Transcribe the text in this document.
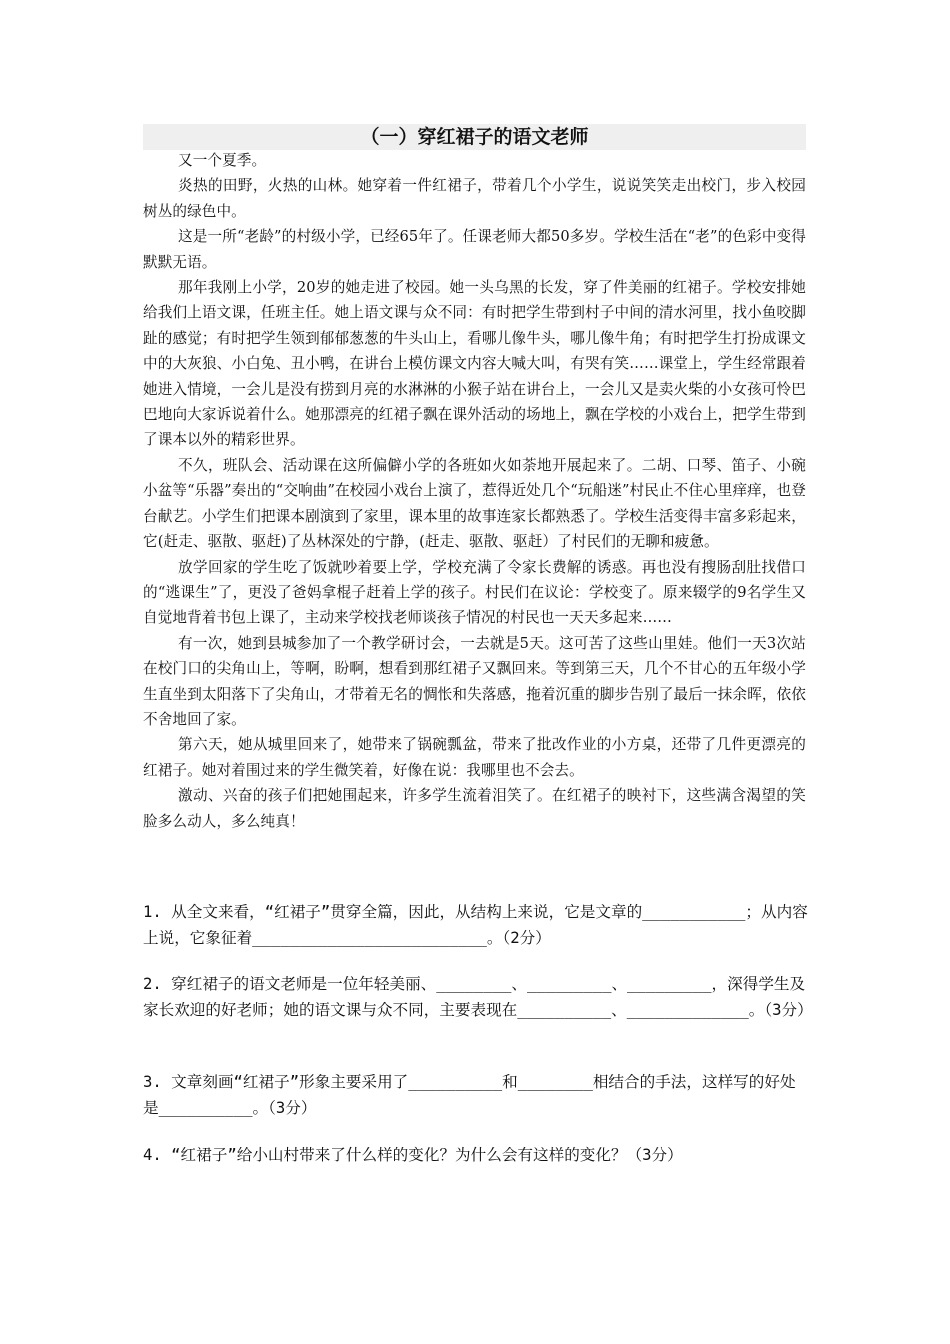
（一）穿红裙子的语文老师

又一个夏季。

炎热的田野，火热的山林。她穿着一件红裙子，带着几个小学生，说说笑笑走出校门，步入校园树丛的绿色中。

这是一所“老龄”的村级小学，已经65年了。任课老师大都50多岁。学校生活在“老”的色彩中变得默默无语。

那年我刚上小学，20岁的她走进了校园。她一头乌黑的长发，穿了件美丽的红裙子。学校安排她给我们上语文课，任班主任。她上语文课与众不同：有时把学生带到村子中间的清水河里，找小鱼咬脚趾的感觉；有时把学生领到郁郁葱葱的牛头山上，看哪儿像牛头，哪儿像牛角；有时把学生打扮成课文中的大灰狼、小白兔、丑小鸭，在讲台上模仿课文内容大喊大叫，有哭有笑……课堂上，学生经常跟着她进入情境，一会儿是没有捞到月亮的水淋淋的小猴子站在讲台上，一会儿又是卖火柴的小女孩可怜巴巴地向大家诉说着什么。她那漂亮的红裙子飘在课外活动的场地上，飘在学校的小戏台上，把学生带到了课本以外的精彩世界。

不久，班队会、活动课在这所偏僻小学的各班如火如荼地开展起来了。二胡、口琴、笛子、小碗小盆等“乐器”奏出的“交响曲”在校园小戏台上演了，惹得近处几个“玩船迷”村民止不住心里痒痒，也登台献艺。小学生们把课本剧演到了家里，课本里的故事连家长都熟悉了。学校生活变得丰富多彩起来，它(赶走、驱散、驱赶)了丛林深处的宁静，(赶走、驱散、驱赶）了村民们的无聊和疲惫。

放学回家的学生吃了饭就吵着要上学，学校充满了令家长费解的诱惑。再也没有搜肠刮肚找借口的“逃课生”了，更没了爸妈拿棍子赶着上学的孩子。村民们在议论：学校变了。原来辍学的9名学生又自觉地背着书包上课了，主动来学校找老师谈孩子情况的村民也一天天多起来……

有一次，她到县城参加了一个教学研讨会，一去就是5天。这可苦了这些山里娃。他们一天3次站在校门口的尖角山上，等啊，盼啊，想看到那红裙子又飘回来。等到第三天，几个不甘心的五年级小学生直坐到太阳落下了尖角山，才带着无名的惆怅和失落感，拖着沉重的脚步告别了最后一抹余晖，依依不舍地回了家。

第六天，她从城里回来了，她带来了锅碗瓢盆，带来了批改作业的小方桌，还带了几件更漂亮的红裙子。她对着围过来的学生微笑着，好像在说：我哪里也不会去。

激动、兴奋的孩子们把她围起来，许多学生流着泪笑了。在红裙子的映衬下，这些满含渴望的笑脸多么动人，多么纯真！

1. 从全文来看，“红裙子”贯穿全篇，因此，从结构上来说，它是文章的___________；从内容上说，它象征着_________________________。（2分）

2. 穿红裙子的语文老师是一位年轻美丽、________、_________、_________，深得学生及家长欢迎的好老师；她的语文课与众不同，主要表现在__________、_____________。（3分）

3. 文章刻画“红裙子”形象主要采用了__________和________相结合的手法，这样写的好处是__________。（3分）

4. “红裙子”给小山村带来了什么样的变化？为什么会有这样的变化？（3分）
